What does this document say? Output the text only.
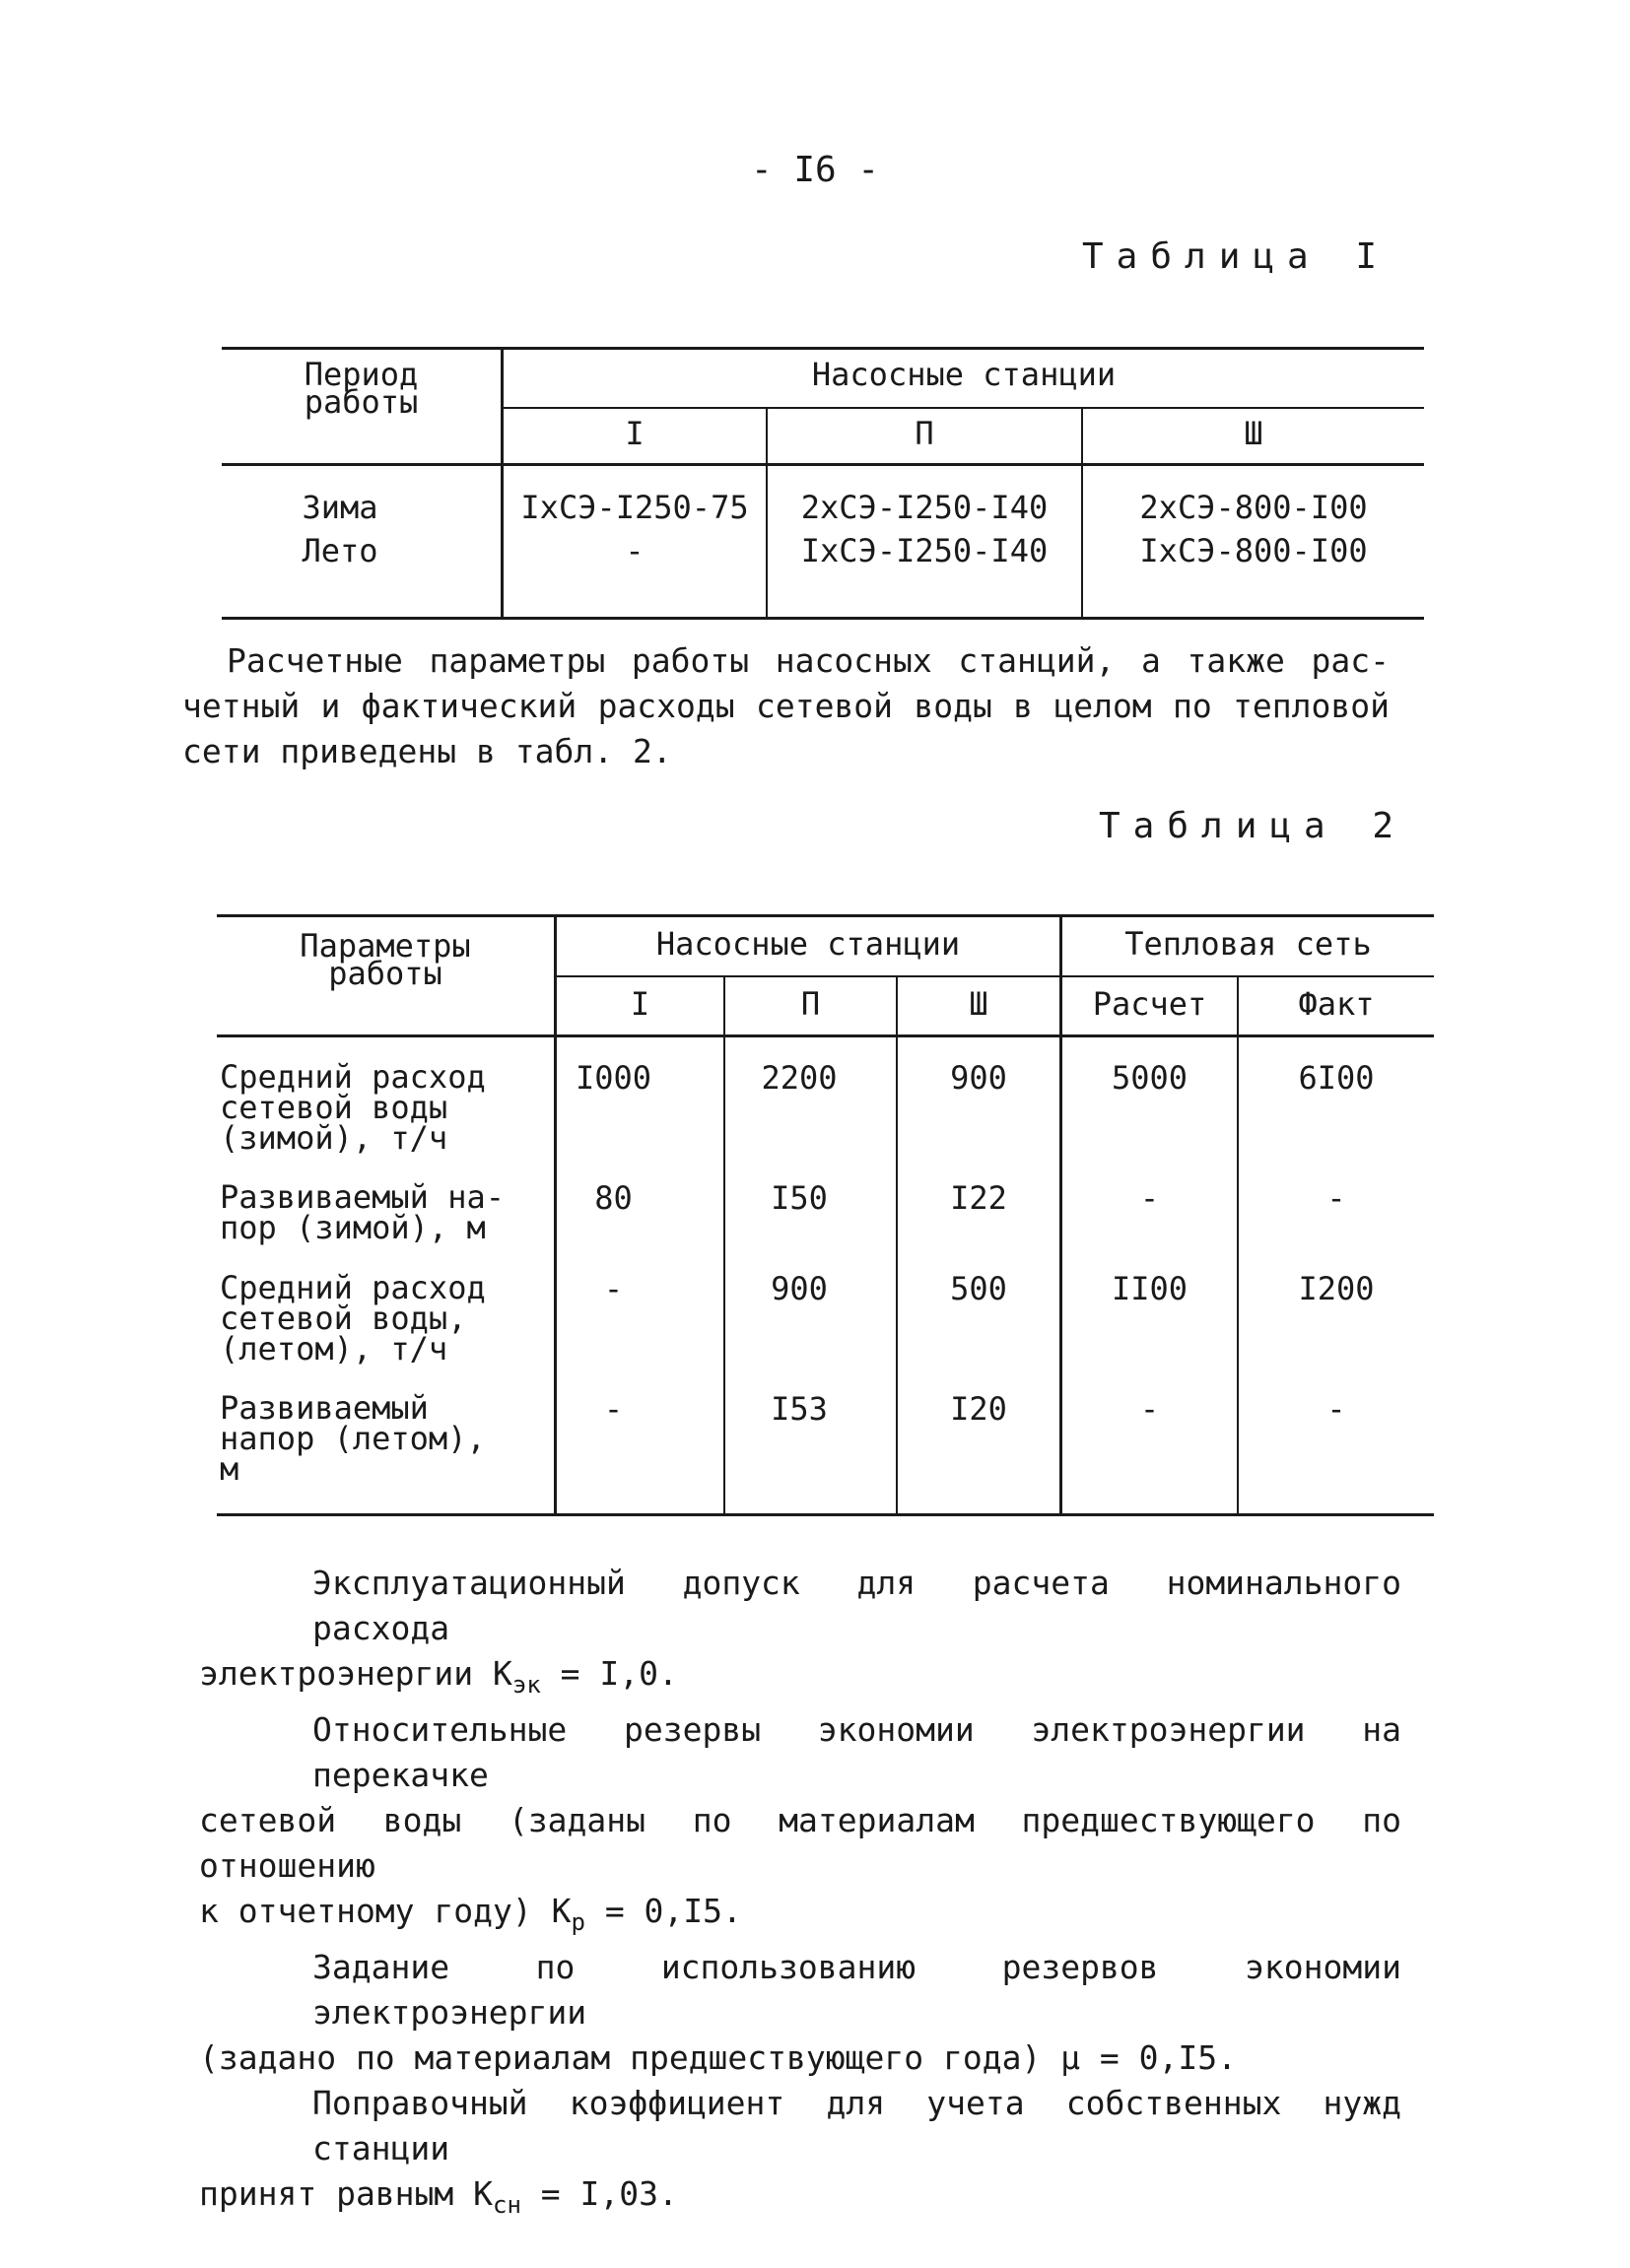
- I6 -
Таблица I
Период
работы
Насосные станции
I	П	Ш
Зима	IxСЭ-I250-75	2xСЭ-I250-I40	2xСЭ-800-I00
Лето	-	IxСЭ-I250-I40	IxСЭ-800-I00
Расчетные параметры работы насосных станций, а также рас-
четный и фактический расходы сетевой воды в целом по тепловой
сети приведены в табл. 2.
Таблица 2
Параметры
работы
Насосные станции	Тепловая сеть
I	П	Ш	Расчет	Факт
Средний расход
сетевой воды
(зимой), т/ч
I000	2200	900	5000	6I00
Развиваемый на-
пор (зимой), м
80	I50	I22	-	-
Средний расход
сетевой воды,
(летом), т/ч
-	900	500	II00	I200
Развиваемый
напор (летом),
м
-	I53	I20	-	-
Эксплуатационный допуск для расчета номинального расхода
электроэнергии $K_{эк} = I,0$.
Относительные резервы экономии электроэнергии на перекачке
сетевой воды (заданы по материалам предшествующего по отношению
к отчетному году) $K_р = 0,I5$.
Задание по использованию резервов экономии электроэнергии
(задано по материалам предшествующего года) μ = 0,I5.
Поправочный коэффициент для учета собственных нужд станции
принят равным $K_{сн} = I,03$.
